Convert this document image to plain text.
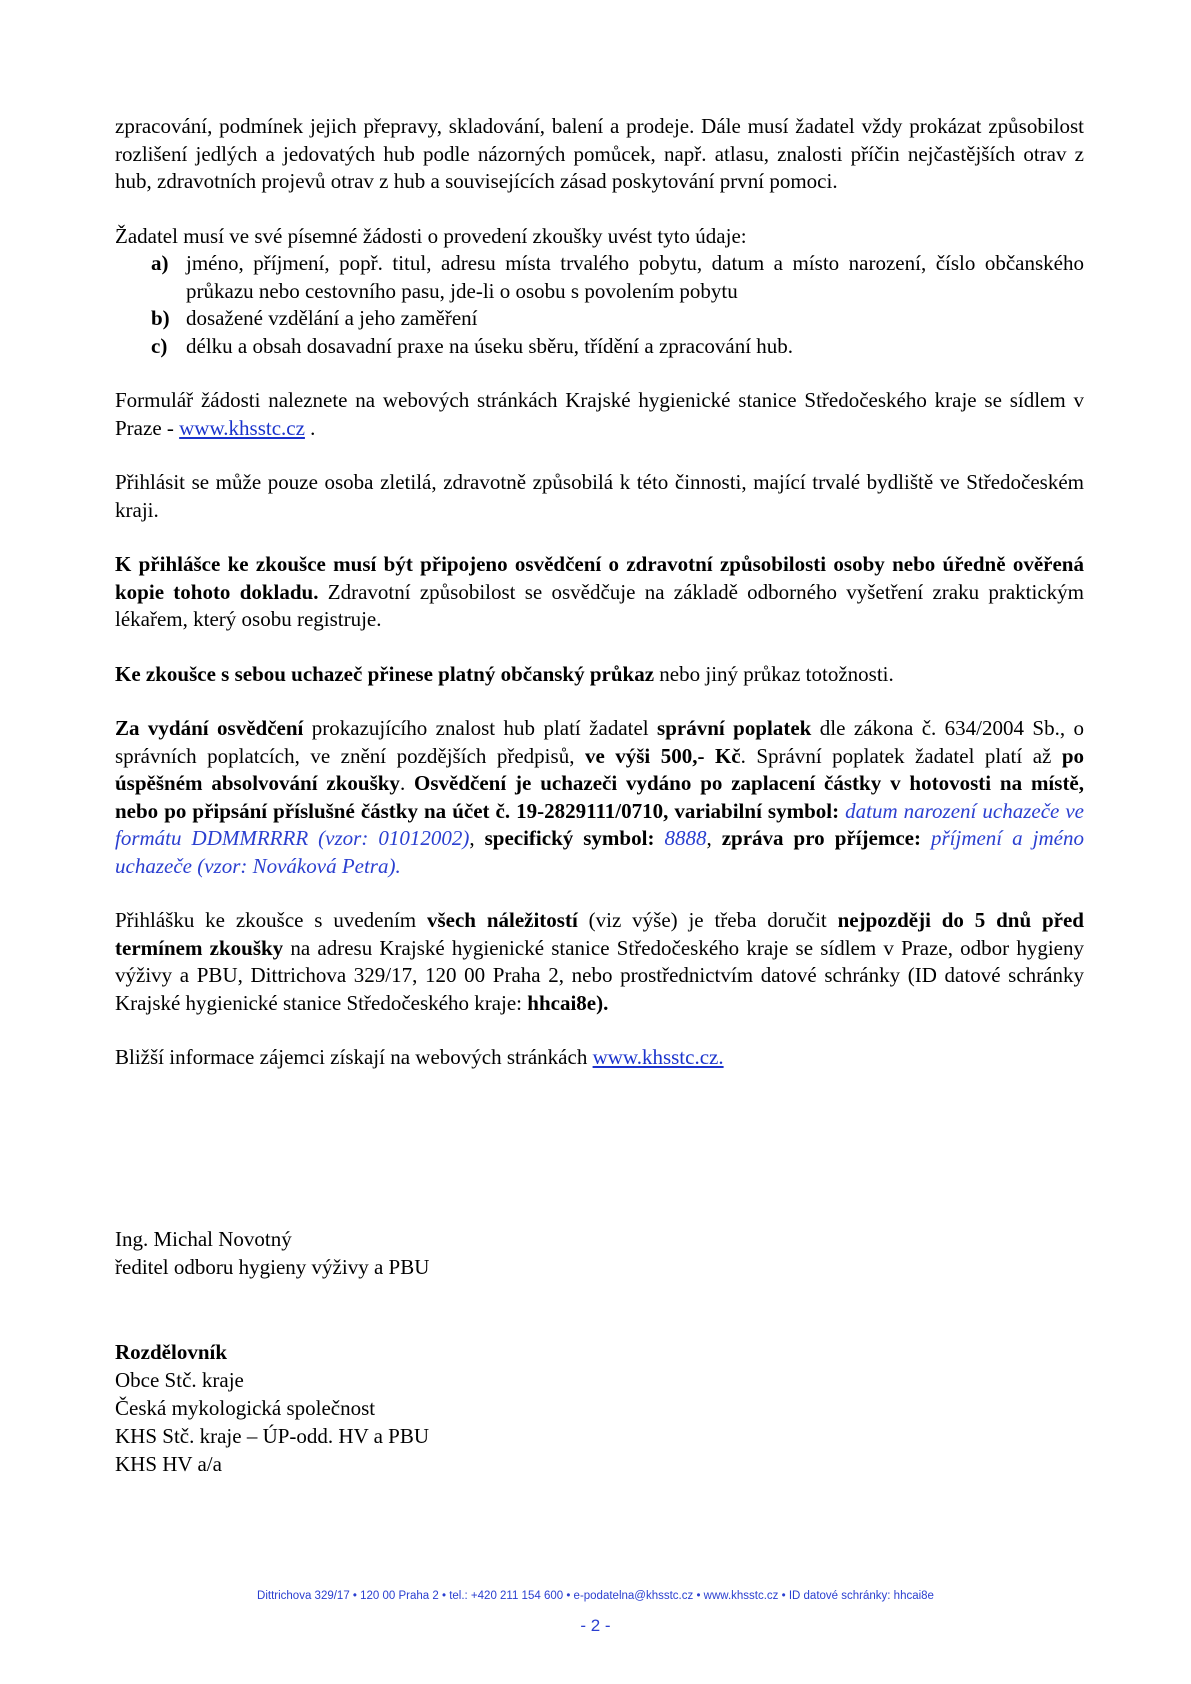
zpracování, podmínek jejich přepravy, skladování, balení a prodeje. Dále musí žadatel vždy prokázat způsobilost rozlišení jedlých a jedovatých hub podle názorných pomůcek, např. atlasu, znalosti příčin nejčastějších otrav z hub, zdravotních projevů otrav z hub a souvisejících zásad poskytování první pomoci.

Žadatel musí ve své písemné žádosti o provedení zkoušky uvést tyto údaje:

a) jméno, příjmení, popř. titul, adresu místa trvalého pobytu, datum a místo narození, číslo občanského průkazu nebo cestovního pasu, jde-li o osobu s povolením pobytu
b) dosažené vzdělání a jeho zaměření
c) délku a obsah dosavadní praxe na úseku sběru, třídění a zpracování hub.

Formulář žádosti naleznete na webových stránkách Krajské hygienické stanice Středočeského kraje se sídlem v Praze - www.khsstc.cz .

Přihlásit se může pouze osoba zletilá, zdravotně způsobilá k této činnosti, mající trvalé bydliště ve Středočeském kraji.

K přihlášce ke zkoušce musí být připojeno osvědčení o zdravotní způsobilosti osoby nebo úředně ověřená kopie tohoto dokladu. Zdravotní způsobilost se osvědčuje na základě odborného vyšetření zraku praktickým lékařem, který osobu registruje.

Ke zkoušce s sebou uchazeč přinese platný občanský průkaz nebo jiný průkaz totožnosti.

Za vydání osvědčení prokazujícího znalost hub platí žadatel správní poplatek dle zákona č. 634/2004 Sb., o správních poplatcích, ve znění pozdějších předpisů, ve výši 500,- Kč. Správní poplatek žadatel platí až po úspěšném absolvování zkoušky. Osvědčení je uchazeči vydáno po zaplacení částky v hotovosti na místě, nebo po připsání příslušné částky na účet č. 19-2829111/0710, variabilní symbol: datum narození uchazeče ve formátu DDMMRRRR (vzor: 01012002), specifický symbol: 8888, zpráva pro příjemce: příjmení a jméno uchazeče (vzor: Nováková Petra).

Přihlášku ke zkoušce s uvedením všech náležitostí (viz výše) je třeba doručit nejpozději do 5 dnů před termínem zkoušky na adresu Krajské hygienické stanice Středočeského kraje se sídlem v Praze, odbor hygieny výživy a PBU, Dittrichova 329/17, 120 00 Praha 2, nebo prostřednictvím datové schránky (ID datové schránky Krajské hygienické stanice Středočeského kraje: hhcai8e).

Bližší informace zájemci získají na webových stránkách www.khsstc.cz.

Ing. Michal Novotný
ředitel odboru hygieny výživy a PBU
Rozdělovník
Obce Stč. kraje
Česká mykologická společnost
KHS Stč. kraje – ÚP-odd. HV a PBU
KHS HV a/a
Dittrichova 329/17 • 120 00 Praha 2 • tel.: +420 211 154 600 • e-podatelna@khsstc.cz • www.khsstc.cz • ID datové schránky: hhcai8e
- 2 -
